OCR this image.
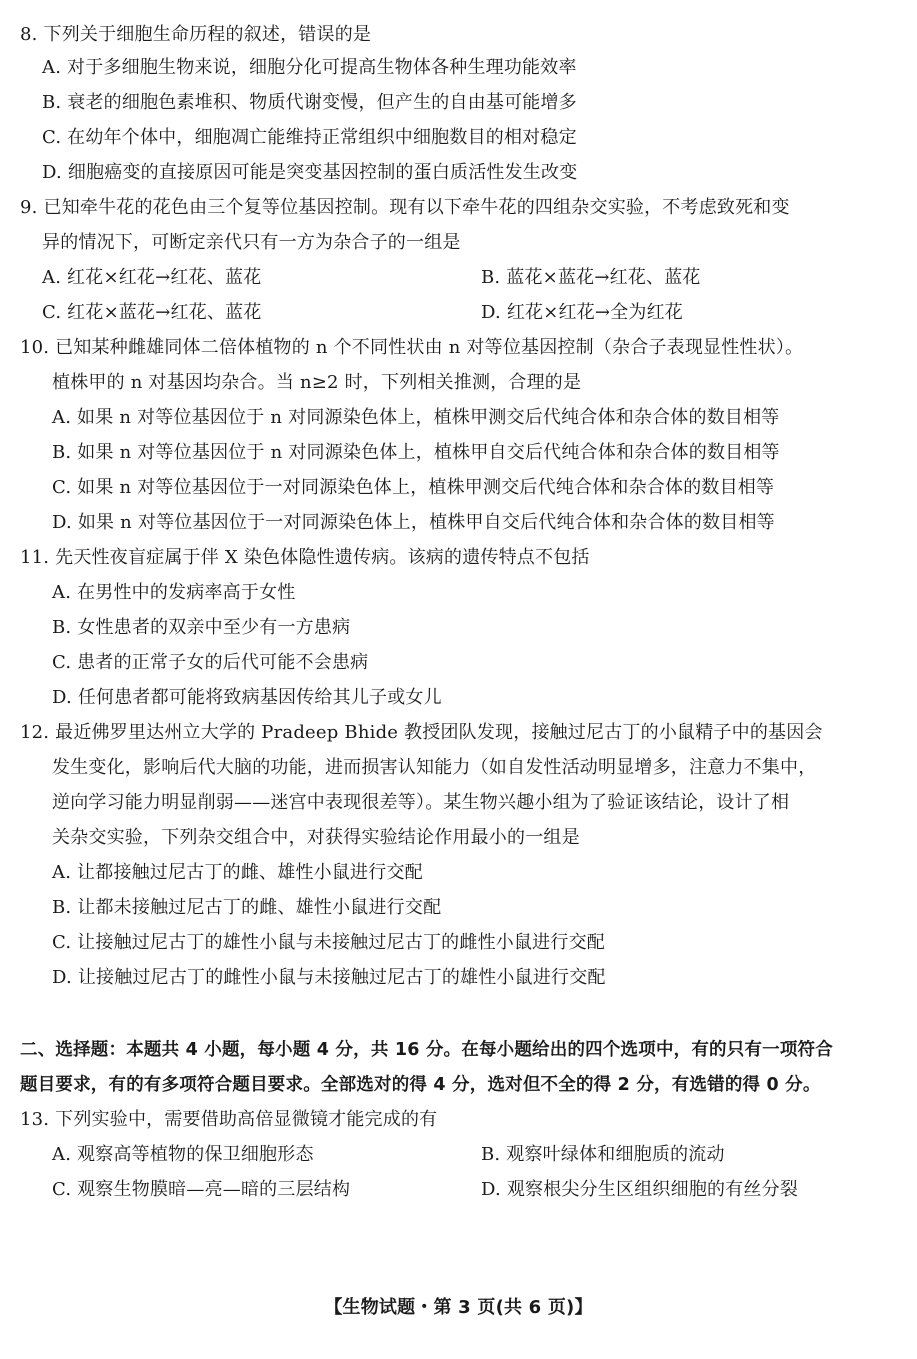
8. 下列关于细胞生命历程的叙述，错误的是
A. 对于多细胞生物来说，细胞分化可提高生物体各种生理功能效率
B. 衰老的细胞色素堆积、物质代谢变慢，但产生的自由基可能增多
C. 在幼年个体中，细胞凋亡能维持正常组织中细胞数目的相对稳定
D. 细胞癌变的直接原因可能是突变基因控制的蛋白质活性发生改变
9. 已知牵牛花的花色由三个复等位基因控制。现有以下牵牛花的四组杂交实验，不考虑致死和变
异的情况下，可断定亲代只有一方为杂合子的一组是
A. 红花×红花→红花、蓝花	B. 蓝花×蓝花→红花、蓝花
C. 红花×蓝花→红花、蓝花	D. 红花×红花→全为红花
10. 已知某种雌雄同体二倍体植物的 n 个不同性状由 n 对等位基因控制（杂合子表现显性性状）。
植株甲的 n 对基因均杂合。当 n≥2 时，下列相关推测，合理的是
A. 如果 n 对等位基因位于 n 对同源染色体上，植株甲测交后代纯合体和杂合体的数目相等
B. 如果 n 对等位基因位于 n 对同源染色体上，植株甲自交后代纯合体和杂合体的数目相等
C. 如果 n 对等位基因位于一对同源染色体上，植株甲测交后代纯合体和杂合体的数目相等
D. 如果 n 对等位基因位于一对同源染色体上，植株甲自交后代纯合体和杂合体的数目相等
11. 先天性夜盲症属于伴 X 染色体隐性遗传病。该病的遗传特点不包括
A. 在男性中的发病率高于女性
B. 女性患者的双亲中至少有一方患病
C. 患者的正常子女的后代可能不会患病
D. 任何患者都可能将致病基因传给其儿子或女儿
12. 最近佛罗里达州立大学的 Pradeep Bhide 教授团队发现，接触过尼古丁的小鼠精子中的基因会
发生变化，影响后代大脑的功能，进而损害认知能力（如自发性活动明显增多，注意力不集中，
逆向学习能力明显削弱——迷宫中表现很差等）。某生物兴趣小组为了验证该结论，设计了相
关杂交实验，下列杂交组合中，对获得实验结论作用最小的一组是
A. 让都接触过尼古丁的雌、雄性小鼠进行交配
B. 让都未接触过尼古丁的雌、雄性小鼠进行交配
C. 让接触过尼古丁的雄性小鼠与未接触过尼古丁的雌性小鼠进行交配
D. 让接触过尼古丁的雌性小鼠与未接触过尼古丁的雄性小鼠进行交配
二、选择题：本题共 4 小题，每小题 4 分，共 16 分。在每小题给出的四个选项中，有的只有一项符合
题目要求，有的有多项符合题目要求。全部选对的得 4 分，选对但不全的得 2 分，有选错的得 0 分。
13. 下列实验中，需要借助高倍显微镜才能完成的有
A. 观察高等植物的保卫细胞形态	B. 观察叶绿体和细胞质的流动
C. 观察生物膜暗—亮—暗的三层结构	D. 观察根尖分生区组织细胞的有丝分裂
【生物试题・第 3 页(共 6 页)】
